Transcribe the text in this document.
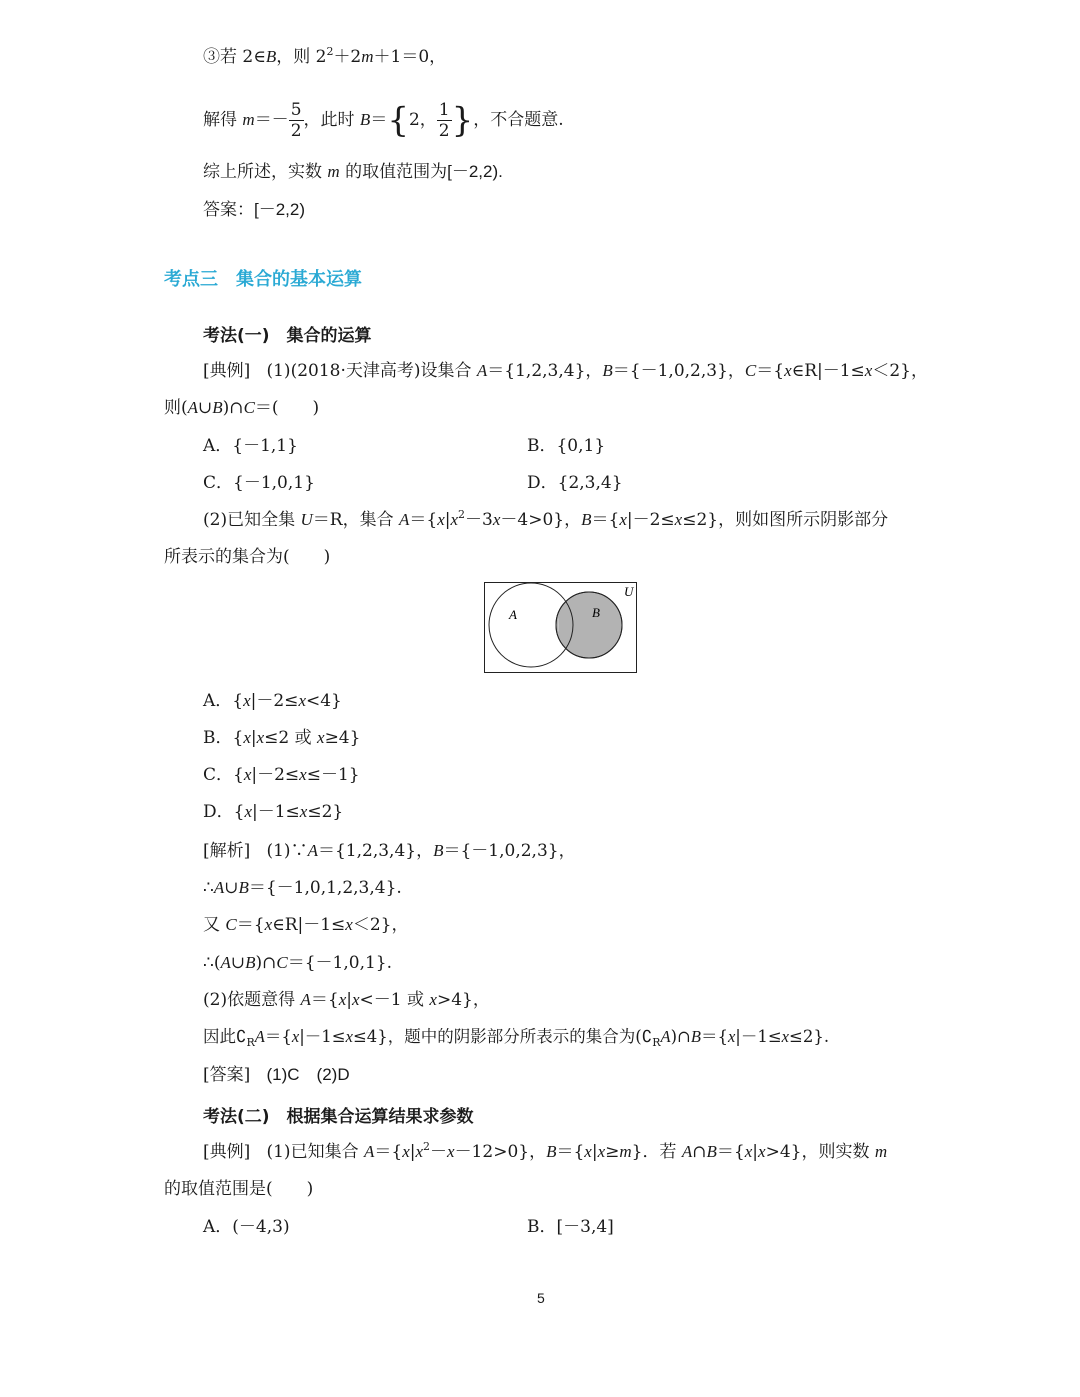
③若 2∈B，则 $2^2+2m+1=0$，
解得 $m=- \frac{5}{2}$ ，此时 B＝{2， $\frac{1}{2}$ }，不合题意.
综上所述，实数 m 的取值范围为[－2,2).
答案：[－2,2)
考点三　集合的基本运算
考法(一)　集合的运算
[典例] (1)(2018·天津高考)设集合 A＝{1,2,3,4}，B＝{－1,0,2,3}，C＝{x∈R|－1≤x＜2}，
则(A∪B)∩C＝(　　)
A．{－1,1}	B．{0,1}
C．{－1,0,1}	D．{2,3,4}
(2)已知全集 U＝R，集合 $A=\{x|x^2-3x-4>0\}$，B＝{x|－2≤x≤2}，则如图所示阴影部分
所表示的集合为(　　)
U
A	B
A．{x|－2≤x<4}
B．{x|x≤2 或 x≥4}
C．{x|－2≤x≤－1}
D．{x|－1≤x≤2}
[解析] (1)∵A＝{1,2,3,4}，B＝{－1,0,2,3}，
∴A∪B＝{－1,0,1,2,3,4}.
又 C＝{x∈R|－1≤x＜2}，
∴(A∪B)∩C＝{－1,0,1}.
(2)依题意得 A＝{x|x<－1 或 x>4}，
因此$∁_RA=\{x|-1\le x\le 4\}$，题中的阴影部分所表示的集合为$(∁_RA)\cap B=\{x|-1\le x\le 2\}$.
[答案] (1)C　(2)D
考法(二)　根据集合运算结果求参数
[典例] (1)已知集合 $A=\{x|x^2-x-12>0\}$，B＝{x|x≥m}．若 A∩B＝{x|x>4}，则实数 m
的取值范围是(　　)
A．(－4,3)	B．[－3,4]
5
